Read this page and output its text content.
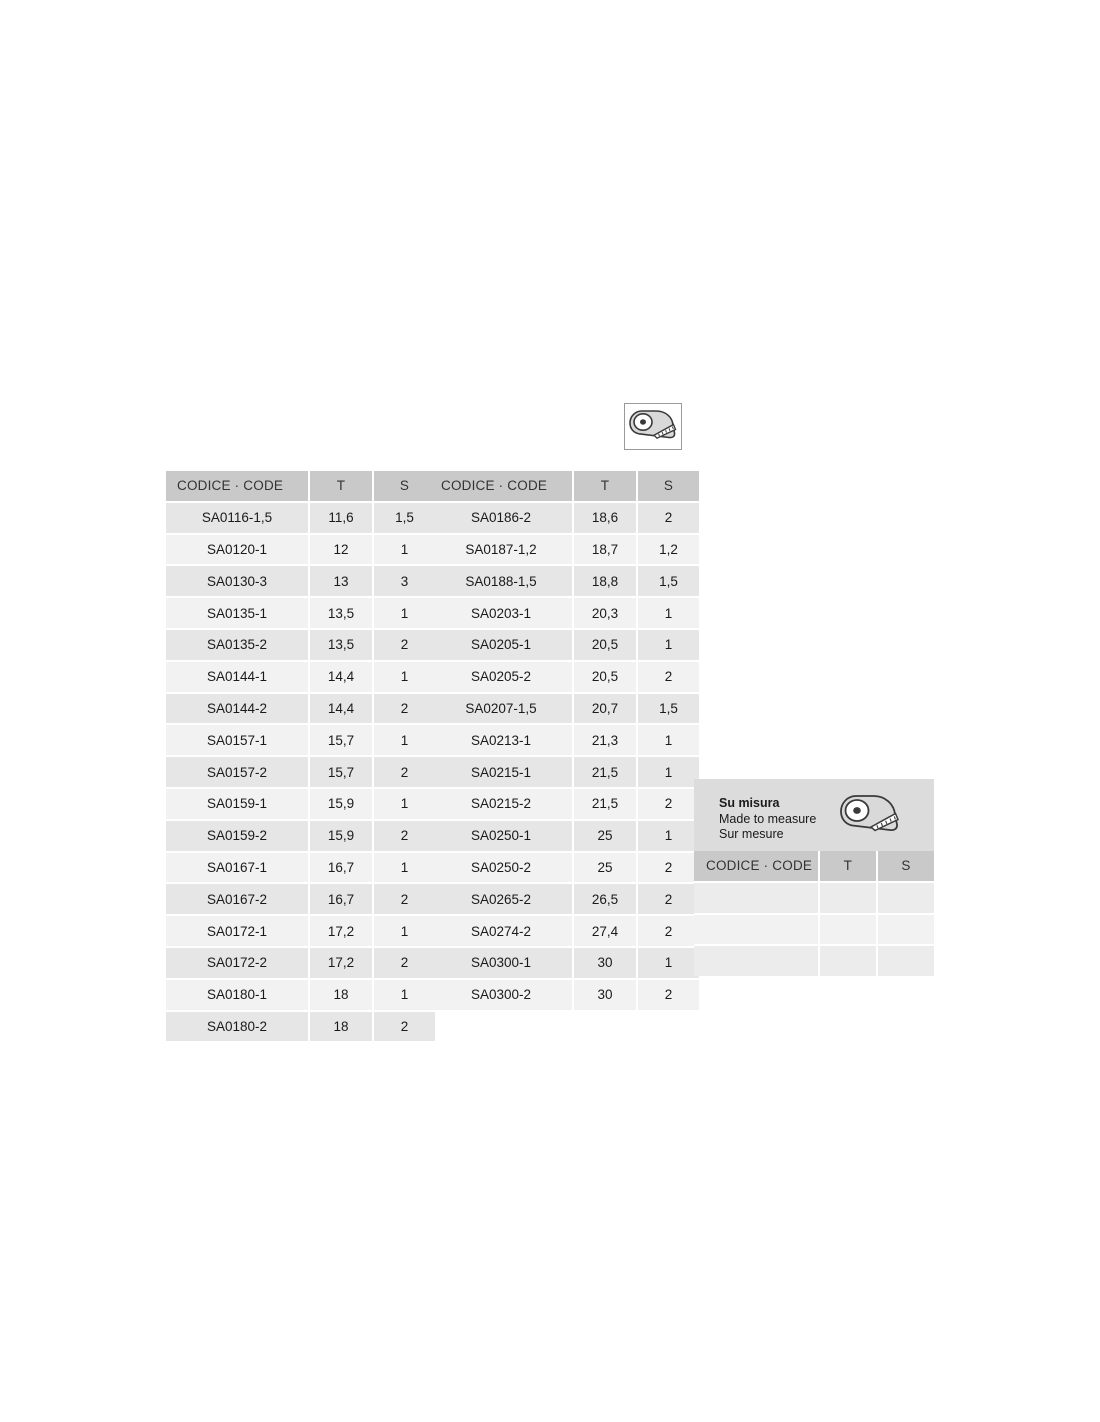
CODICE · CODE	T	S
SA0116-1,5	11,6	1,5
SA0120-1	12	1
SA0130-3	13	3
SA0135-1	13,5	1
SA0135-2	13,5	2
SA0144-1	14,4	1
SA0144-2	14,4	2
SA0157-1	15,7	1
SA0157-2	15,7	2
SA0159-1	15,9	1
SA0159-2	15,9	2
SA0167-1	16,7	1
SA0167-2	16,7	2
SA0172-1	17,2	1
SA0172-2	17,2	2
SA0180-1	18	1
SA0180-2	18	2
CODICE · CODE	T	S
SA0186-2	18,6	2
SA0187-1,2	18,7	1,2
SA0188-1,5	18,8	1,5
SA0203-1	20,3	1
SA0205-1	20,5	1
SA0205-2	20,5	2
SA0207-1,5	20,7	1,5
SA0213-1	21,3	1
SA0215-1	21,5	1
SA0215-2	21,5	2
SA0250-1	25	1
SA0250-2	25	2
SA0265-2	26,5	2
SA0274-2	27,4	2
SA0300-1	30	1
SA0300-2	30	2
Su misura
Made to measure
Sur mesure
CODICE · CODE	T	S
